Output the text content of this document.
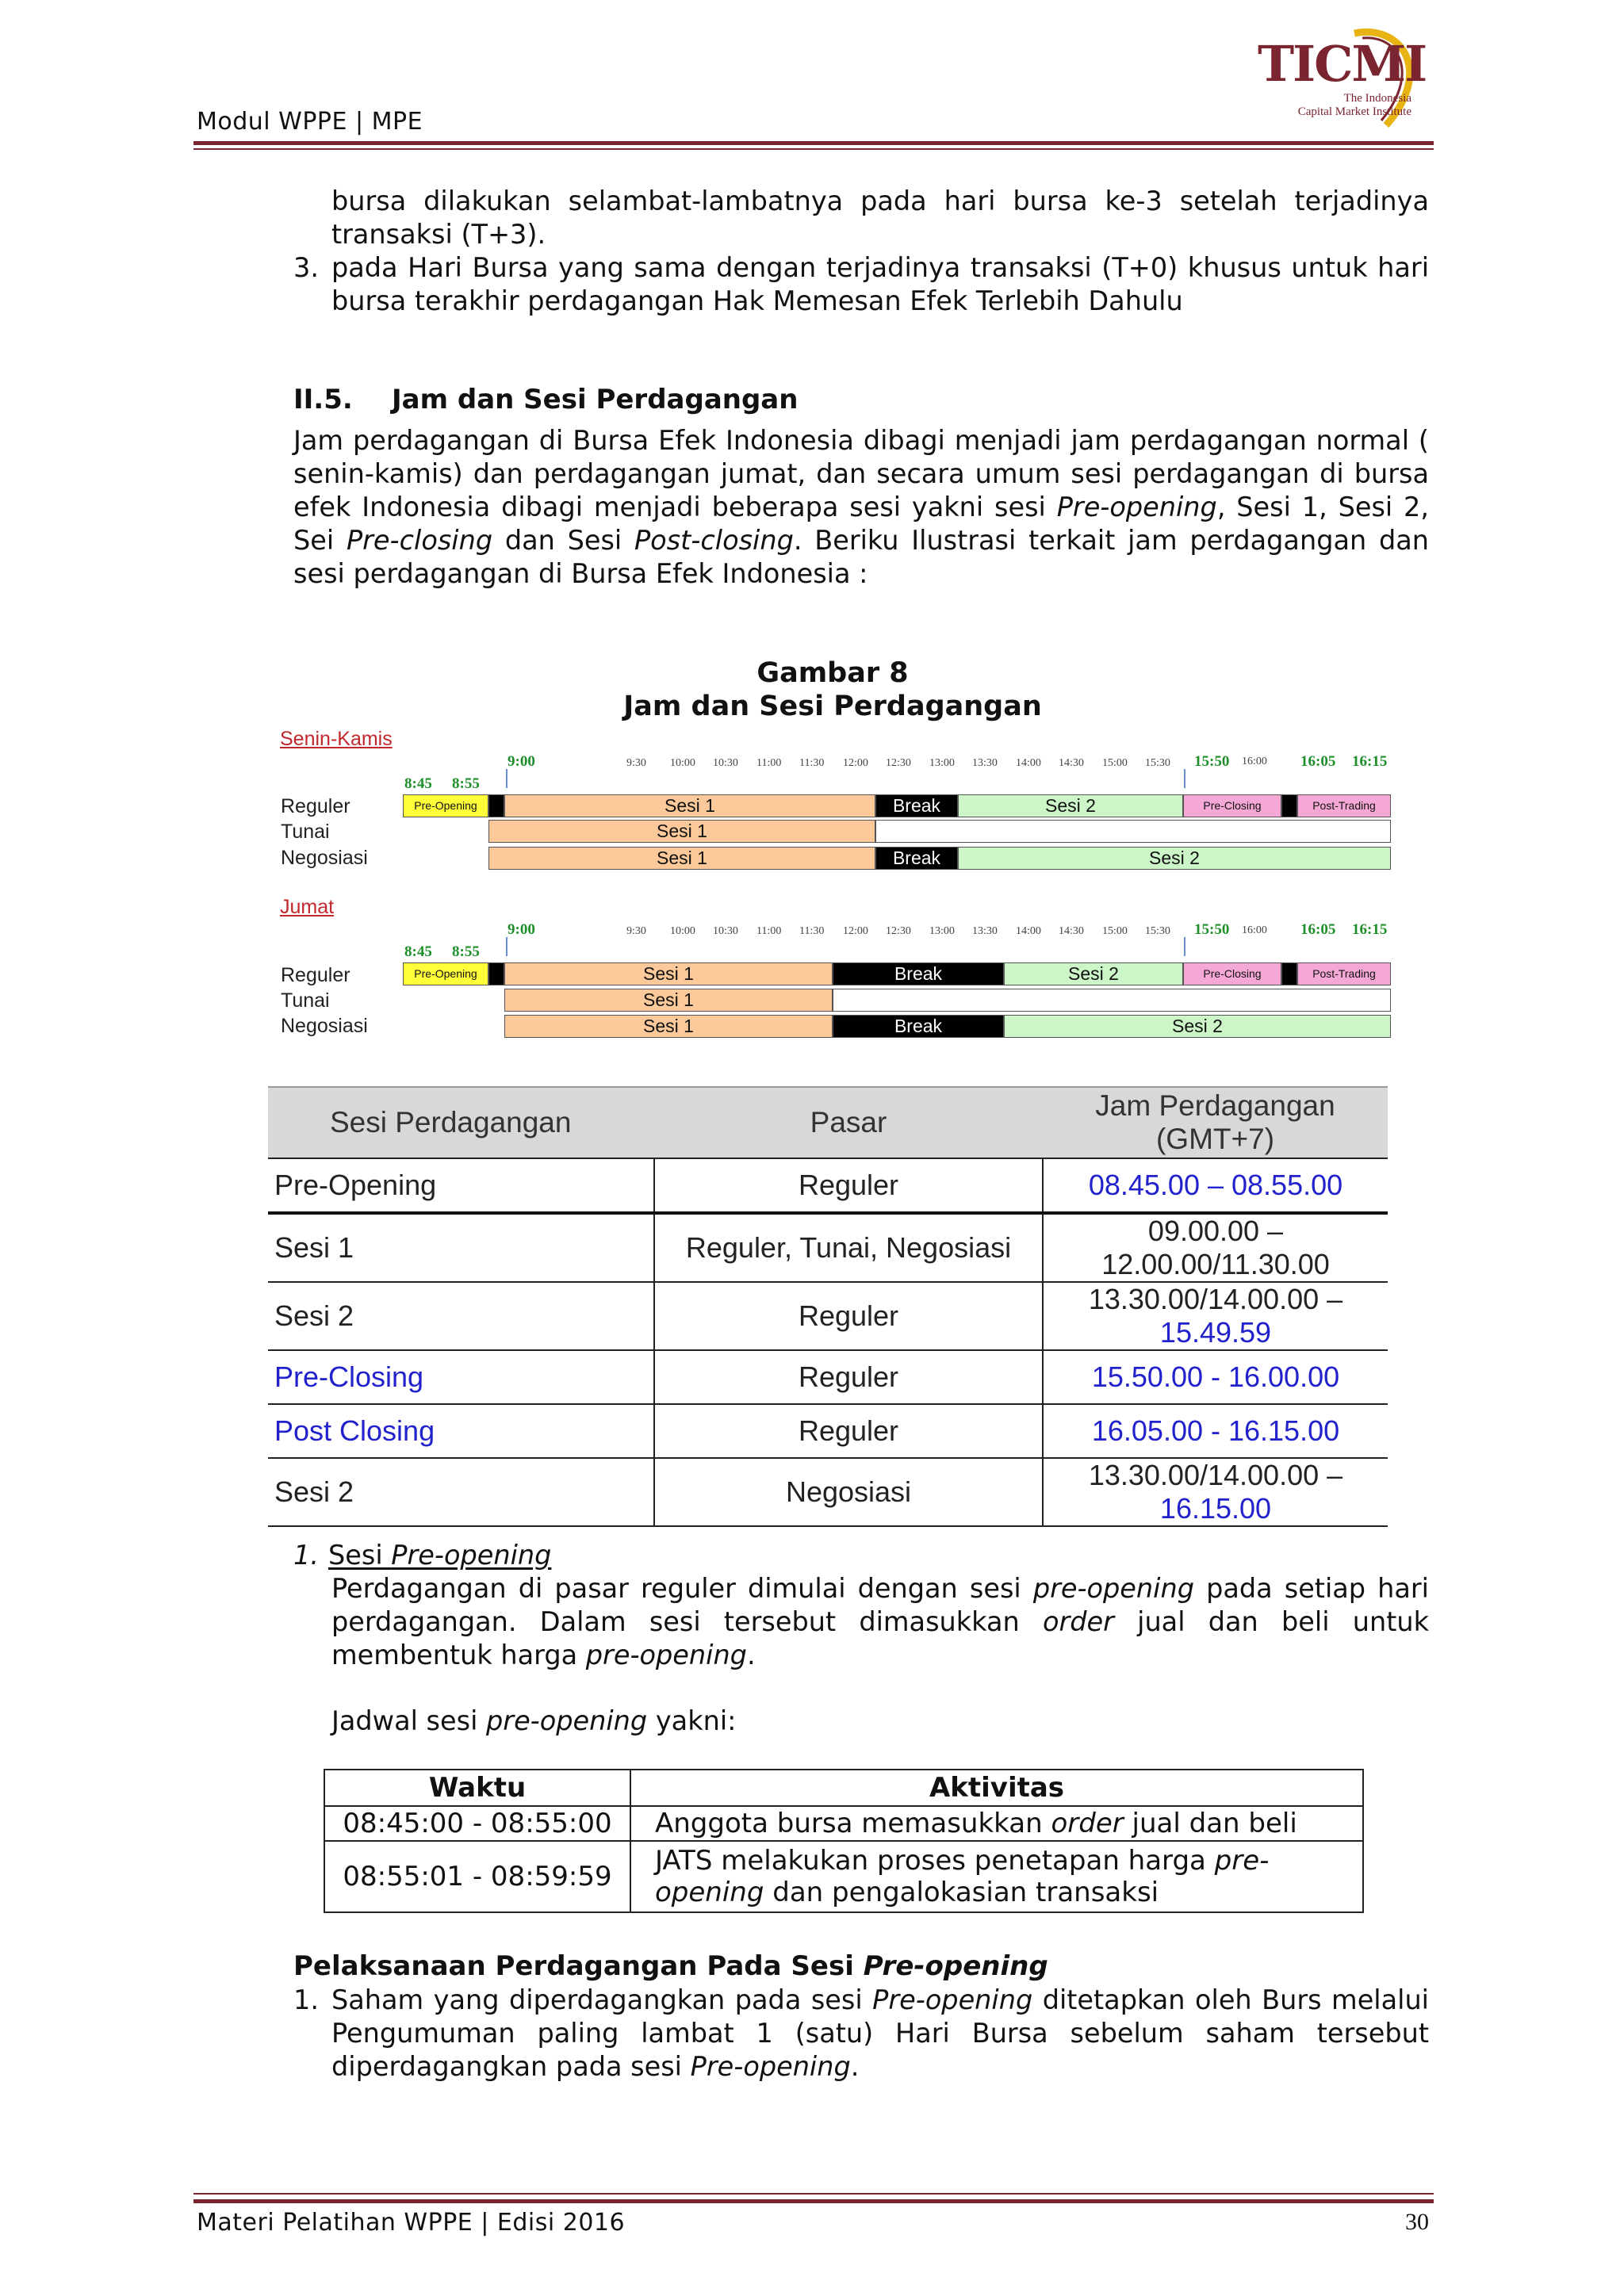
Modul WPPE | MPE
TICMI
The Indonesia
Capital Market Institute
bursa dilakukan selambat-lambatnya pada hari bursa ke-3 setelah terjadinya transaksi (T+3).
3. pada Hari Bursa yang sama dengan terjadinya transaksi (T+0) khusus untuk hari bursa terakhir perdagangan Hak Memesan Efek Terlebih Dahulu
II.5. Jam dan Sesi Perdagangan
Jam perdagangan di Bursa Efek Indonesia dibagi menjadi jam perdagangan normal ( senin-kamis) dan perdagangan jumat, dan secara umum sesi perdagangan di bursa efek Indonesia dibagi menjadi beberapa sesi yakni sesi Pre-opening, Sesi 1, Sesi 2, Sei Pre-closing dan Sesi Post-closing. Beriku Ilustrasi terkait jam perdagangan dan sesi perdagangan di Bursa Efek Indonesia :
Gambar 8
Jam dan Sesi Perdagangan
Senin-Kamis
9:00
8:45 8:55
15:50	16:05 16:15
16:00
9:30 10:00 10:30 11:00 11:30 12:00 12:30 13:00 13:30 14:00 14:30 15:00 15:30
Reguler
Tunai
Negosiasi
Pre-Opening	Sesi 1	Break	Sesi 2	Pre-Closing	Post-Trading
Sesi 1
Sesi 1	Break	Sesi 2
Jumat
9:00
8:45 8:55
15:50	16:05 16:15
16:00
9:30 10:00 10:30 11:00 11:30 12:00 12:30 13:00 13:30 14:00 14:30 15:00 15:30
Reguler
Tunai
Negosiasi
Pre-Opening	Sesi 1	Break	Sesi 2	Pre-Closing	Post-Trading
Sesi 1
Sesi 1	Break	Sesi 2
Sesi Perdagangan	Pasar	Jam Perdagangan (GMT+7)
Pre-Opening	Reguler	08.45.00 – 08.55.00
Sesi 1	Reguler, Tunai, Negosiasi	09.00.00 – 12.00.00/11.30.00
Sesi 2	Reguler	13.30.00/14.00.00 – 15.49.59
Pre-Closing	Reguler	15.50.00 - 16.00.00
Post Closing	Reguler	16.05.00 - 16.15.00
Sesi 2	Negosiasi	13.30.00/14.00.00 – 16.15.00
1. Sesi Pre-opening
Perdagangan di pasar reguler dimulai dengan sesi pre-opening pada setiap hari perdagangan. Dalam sesi tersebut dimasukkan order jual dan beli untuk membentuk harga pre-opening.
Jadwal sesi pre-opening yakni:
Waktu	Aktivitas
08:45:00 - 08:55:00	Anggota bursa memasukkan order jual dan beli
08:55:01 - 08:59:59	JATS melakukan proses penetapan harga pre-opening dan pengalokasian transaksi
Pelaksanaan Perdagangan Pada Sesi Pre-opening
1. Saham yang diperdagangkan pada sesi Pre-opening ditetapkan oleh Burs melalui Pengumuman paling lambat 1 (satu) Hari Bursa sebelum saham tersebut diperdagangkan pada sesi Pre-opening.
Materi Pelatihan WPPE | Edisi 2016	30
